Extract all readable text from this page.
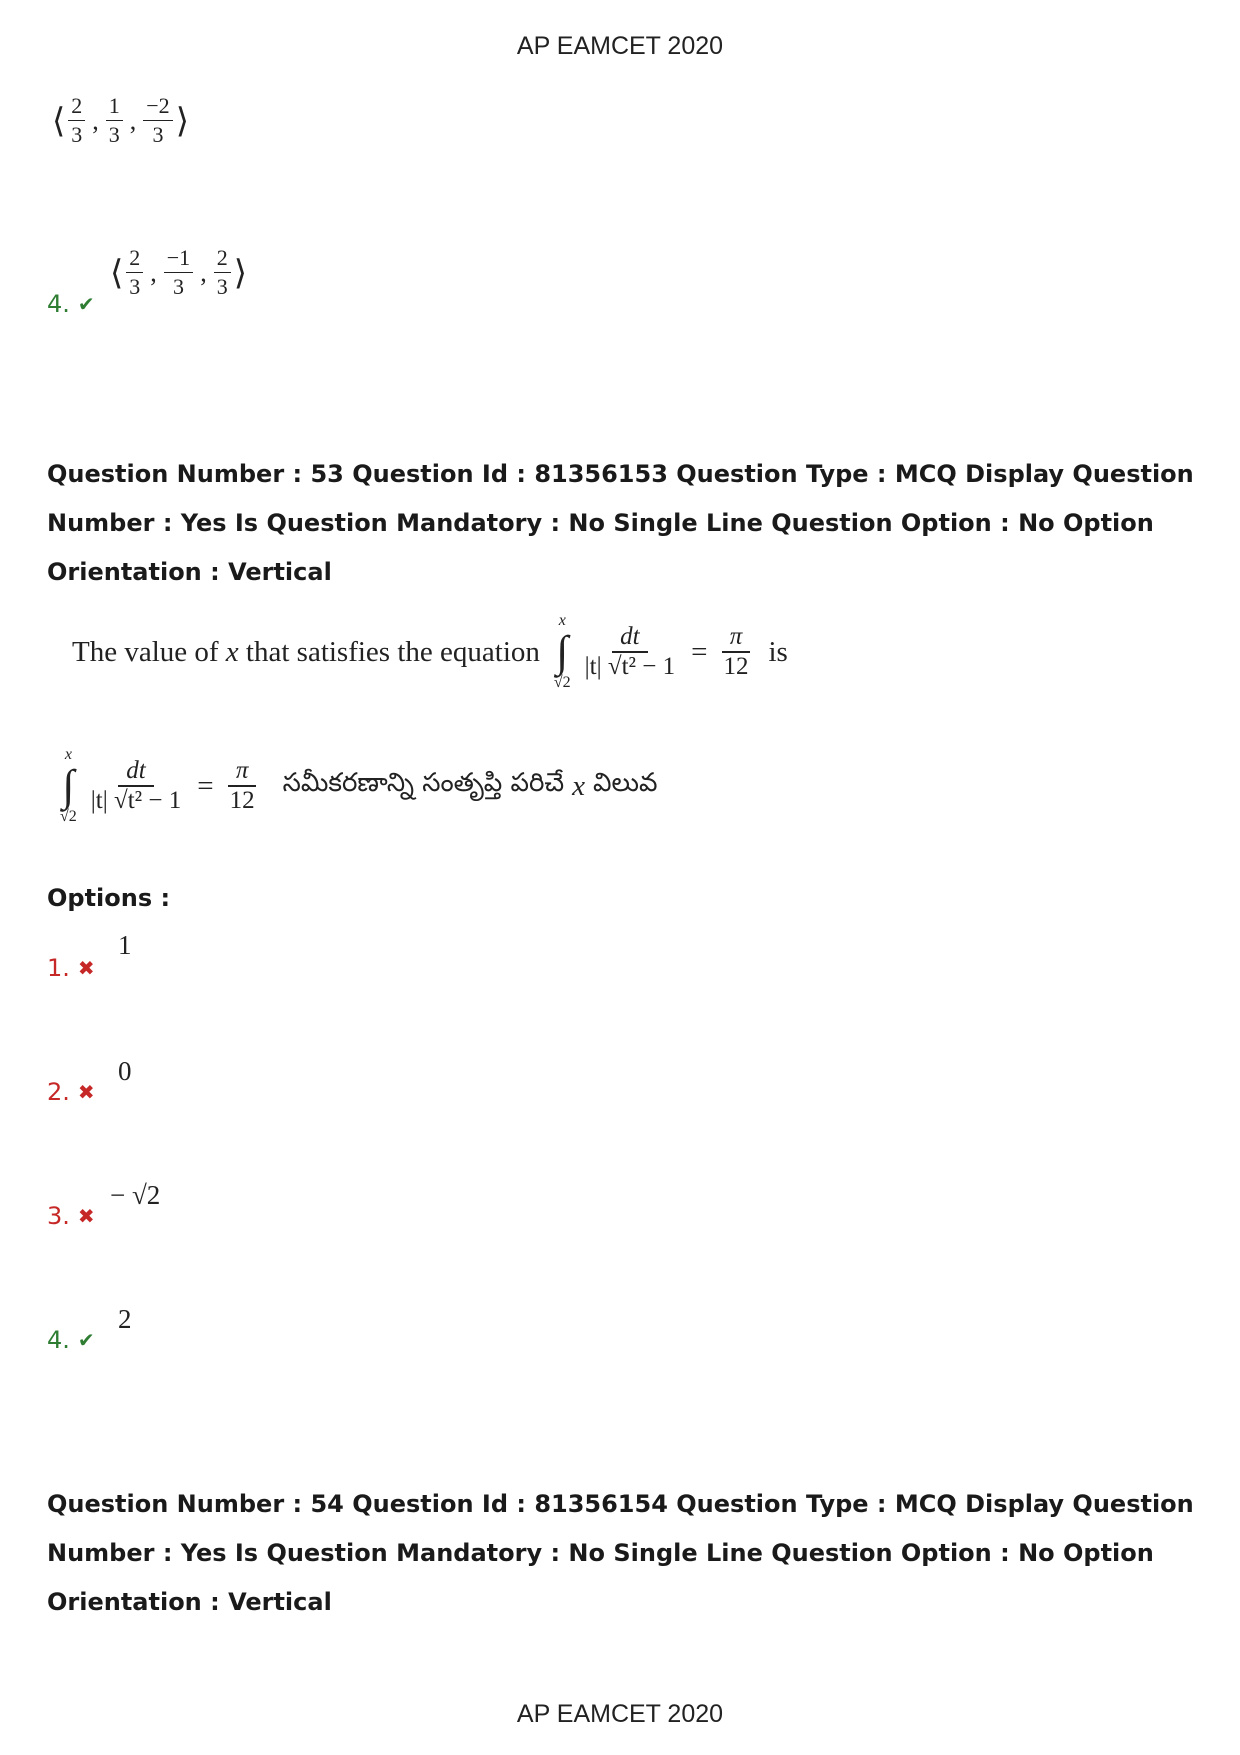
AP EAMCET 2020
⟨ $\frac{2}{3}$ , $\frac{1}{3}$ , $\frac{-2}{3}$ ⟩
4. ✔
⟨ $\frac{2}{3}$ , $\frac{-1}{3}$ , $\frac{2}{3}$ ⟩
Question Number : 53 Question Id : 81356153 Question Type : MCQ Display Question Number : Yes Is Question Mandatory : No Single Line Question Option : No Option Orientation : Vertical
The value of
x
that satisfies the equation
x
∫
√2
$\frac{dt}{\text{|t| √t² − 1}} = \frac{\pi}{12}$ is
x
∫
√2
$\frac{dt}{\text{|t| √t² − 1}} = \frac{\pi}{12}$ సమీకరణాన్ని సంతృప్తి పరిచే x విలువ
Options :
1. ✖
1
2. ✖
0
3. ✖
− √2
4. ✔
2
Question Number : 54 Question Id : 81356154 Question Type : MCQ Display Question Number : Yes Is Question Mandatory : No Single Line Question Option : No Option Orientation : Vertical
AP EAMCET 2020
